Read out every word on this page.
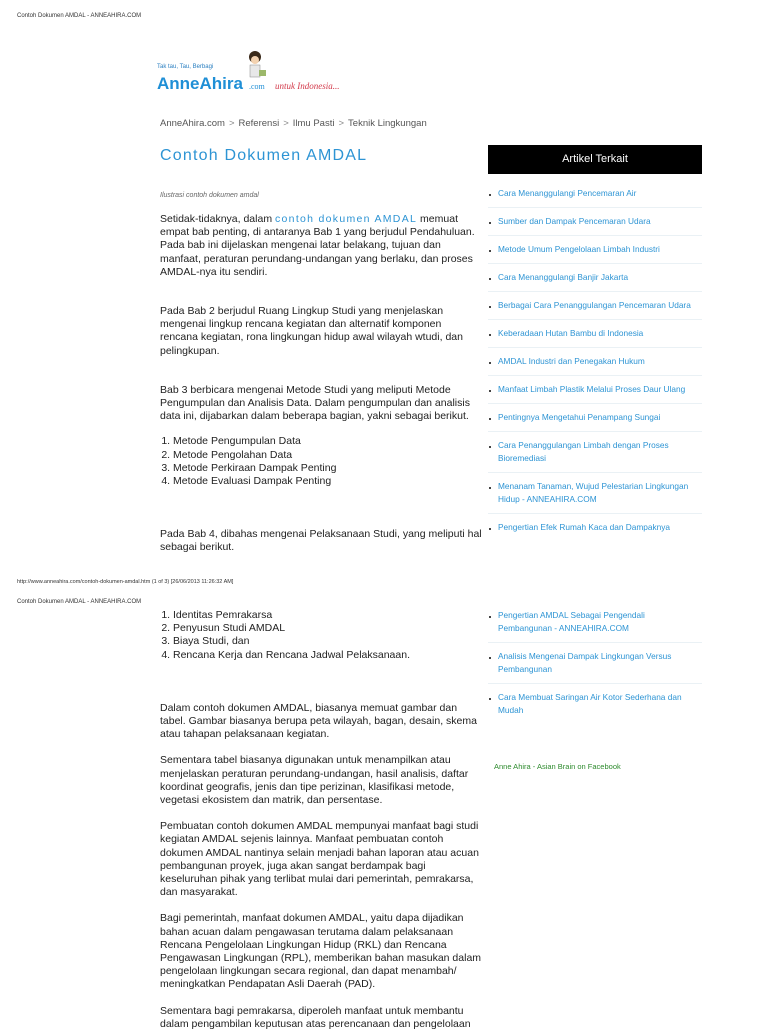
Contoh Dokumen AMDAL - ANNEAHIRA.COM
Tak tau, Tau, Berbagi
AnneAhira .com untuk Indonesia...
AnneAhira.com > Referensi > Ilmu Pasti > Teknik Lingkungan
Contoh Dokumen AMDAL
Ilustrasi contoh dokumen amdal

Setidak-tidaknya, dalam contoh dokumen AMDAL memuat empat bab penting, di antaranya Bab 1 yang berjudul Pendahuluan. Pada bab ini dijelaskan mengenai latar belakang, tujuan dan manfaat, peraturan perundang-undangan yang berlaku, dan proses AMDAL-nya itu sendiri.

Pada Bab 2 berjudul Ruang Lingkup Studi yang menjelaskan mengenai lingkup rencana kegiatan dan alternatif komponen rencana kegiatan, rona lingkungan hidup awal wilayah wtudi, dan pelingkupan.

Bab 3 berbicara mengenai Metode Studi yang meliputi Metode Pengumpulan dan Analisis Data. Dalam pengumpulan dan analisis data ini, dijabarkan dalam beberapa bagian, yakni sebagai berikut.

1. Metode Pengumpulan Data
2. Metode Pengolahan Data
3. Metode Perkiraan Dampak Penting
4. Metode Evaluasi Dampak Penting

Pada Bab 4, dibahas mengenai Pelaksanaan Studi, yang meliputi hal sebagai berikut.

http://www.anneahira.com/contoh-dokumen-amdal.htm (1 of 3) [26/06/2013 11:26:32 AM]
Contoh Dokumen AMDAL - ANNEAHIRA.COM
1. Identitas Pemrakarsa
2. Penyusun Studi AMDAL
3. Biaya Studi, dan
4. Rencana Kerja dan Rencana Jadwal Pelaksanaan.

Dalam contoh dokumen AMDAL, biasanya memuat gambar dan tabel. Gambar biasanya berupa peta wilayah, bagan, desain, skema atau tahapan pelaksanaan kegiatan.

Sementara tabel biasanya digunakan untuk menampilkan atau menjelaskan peraturan perundang-undangan, hasil analisis, daftar koordinat geografis, jenis dan tipe perizinan, klasifikasi metode, vegetasi ekosistem dan matrik, dan persentase.

Pembuatan contoh dokumen AMDAL mempunyai manfaat bagi studi kegiatan AMDAL sejenis lainnya. Manfaat pembuatan contoh dokumen AMDAL nantinya selain menjadi bahan laporan atau acuan pembangunan proyek, juga akan sangat berdampak bagi keseluruhan pihak yang terlibat mulai dari pemerintah, pemrakarsa, dan masyarakat.

Bagi pemerintah, manfaat dokumen AMDAL, yaitu dapa dijadikan bahan acuan dalam pengawasan terutama dalam pelaksanaan Rencana Pengelolaan Lingkungan Hidup (RKL) dan Rencana Pengawasan Lingkungan (RPL), memberikan bahan masukan dalam pengelolaan lingkungan secara regional, dan dapat menambah/ meningkatkan Pendapatan Asli Daerah (PAD).

Sementara bagi pemrakarsa, diperoleh manfaat untuk membantu dalam pengambilan keputusan atas perencanaan dan pengelolaan

Artikel Terkait
Cara Menanggulangi Pencemaran Air
Sumber dan Dampak Pencemaran Udara
Metode Umum Pengelolaan Limbah Industri
Cara Menanggulangi Banjir Jakarta
Berbagai Cara Penanggulangan Pencemaran Udara
Keberadaan Hutan Bambu di Indonesia
AMDAL Industri dan Penegakan Hukum
Manfaat Limbah Plastik Melalui Proses Daur Ulang
Pentingnya Mengetahui Penampang Sungai
Cara Penanggulangan Limbah dengan Proses Bioremediasi
Menanam Tanaman, Wujud Pelestarian Lingkungan Hidup - ANNEAHIRA.COM
Pengertian Efek Rumah Kaca dan Dampaknya
Pengertian AMDAL Sebagai Pengendali Pembangunan - ANNEAHIRA.COM
Analisis Mengenai Dampak Lingkungan Versus Pembangunan
Cara Membuat Saringan Air Kotor Sederhana dan Mudah
Anne Ahira - Asian Brain on Facebook
